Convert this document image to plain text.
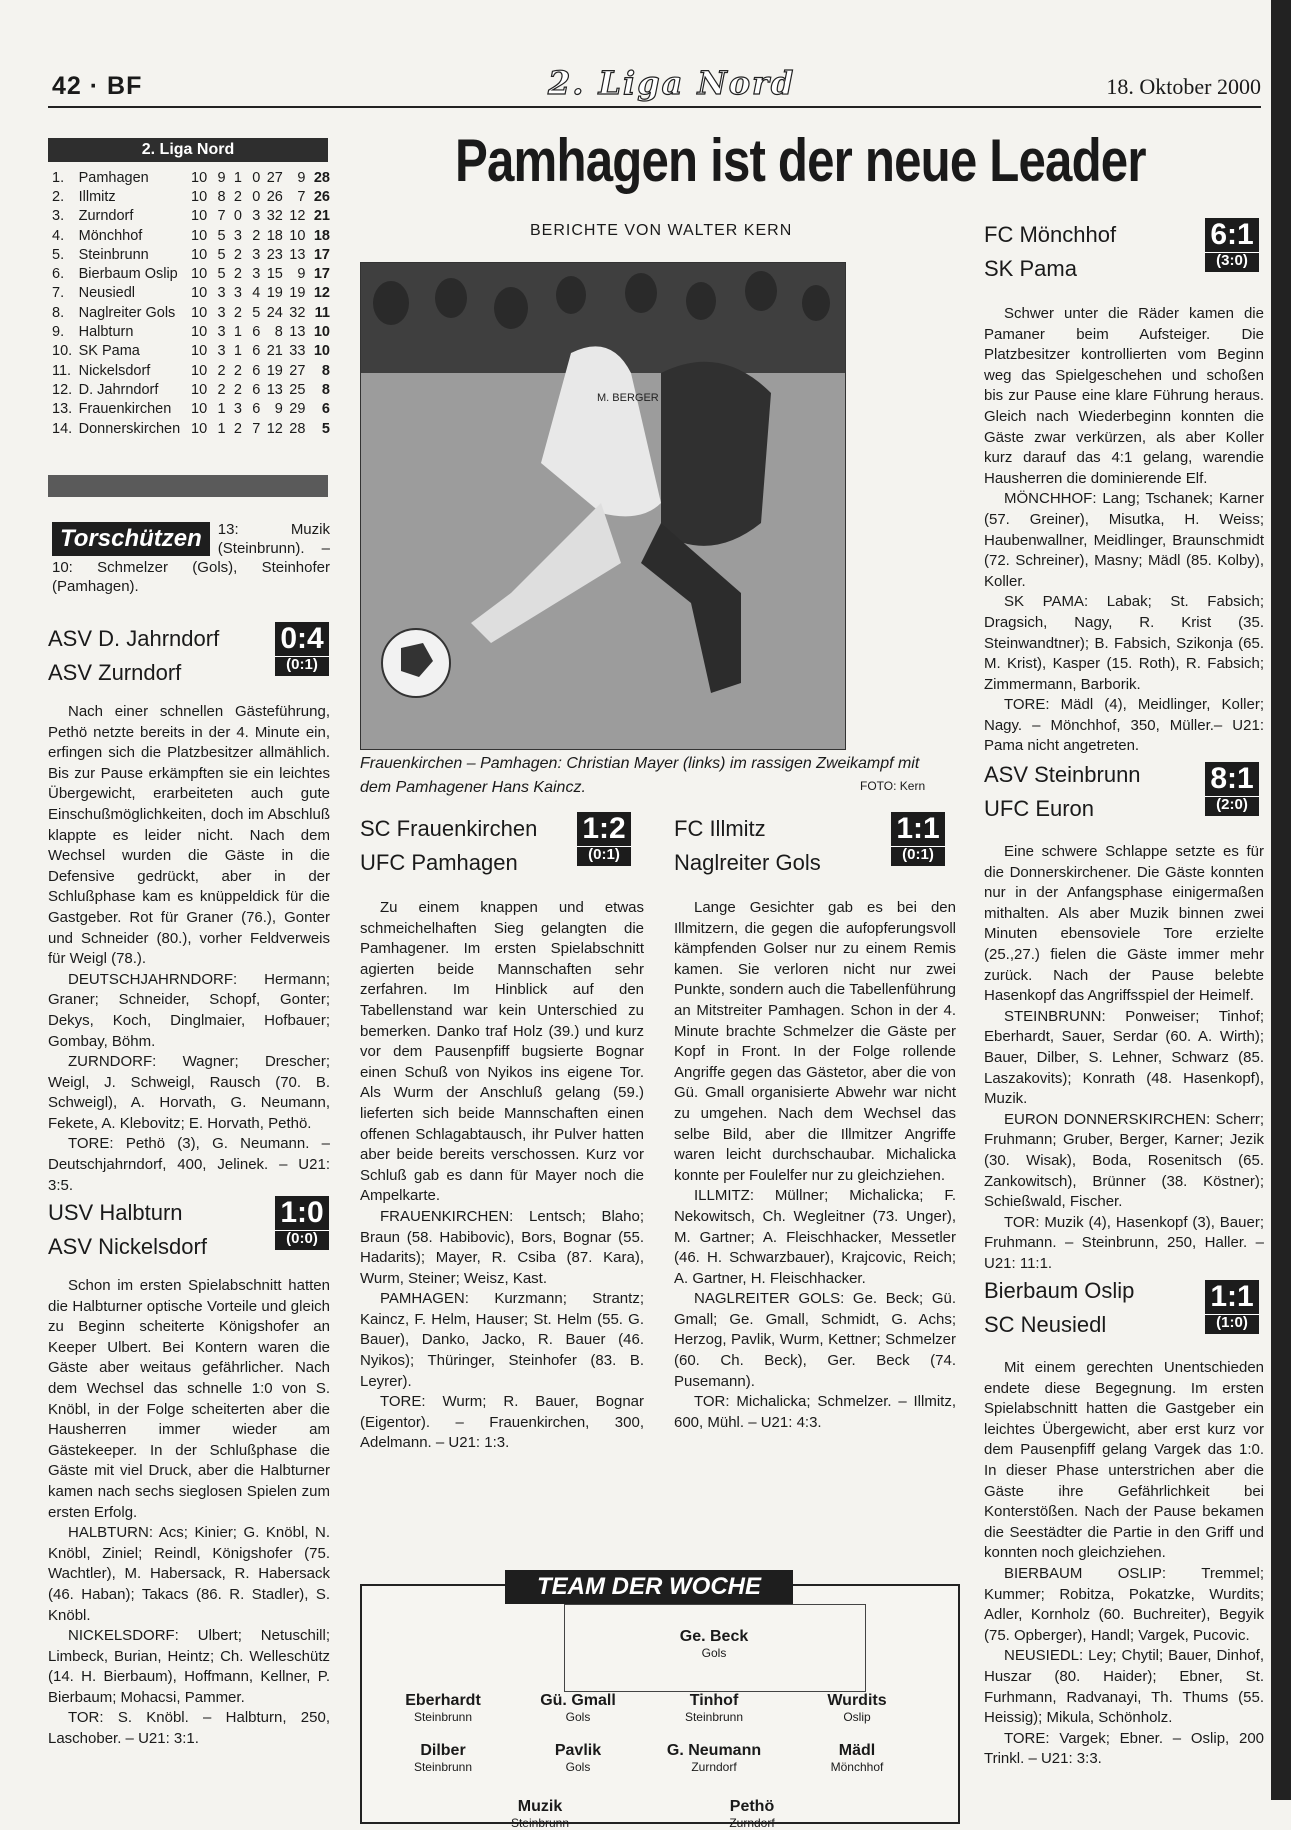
42 · BF	2. Liga Nord	18. Oktober 2000
2. Liga Nord
1.	Pamhagen	10	9	1	0	27	9	28
2.	Illmitz	10	8	2	0	26	7	26
3.	Zurndorf	10	7	0	3	32	12	21
4.	Mönchhof	10	5	3	2	18	10	18
5.	Steinbrunn	10	5	2	3	23	13	17
6.	Bierbaum Oslip	10	5	2	3	15	9	17
7.	Neusiedl	10	3	3	4	19	19	12
8.	Naglreiter Gols	10	3	2	5	24	32	11
9.	Halbturn	10	3	1	6	8	13	10
10.	SK Pama	10	3	1	6	21	33	10
11.	Nickelsdorf	10	2	2	6	19	27	8
12.	D. Jahrndorf	10	2	2	6	13	25	8
13.	Frauenkirchen	10	1	3	6	9	29	6
14.	Donnerskirchen	10	1	2	7	12	28	5
Torschützen	13: Muzik (Steinbrunn). – 10: Schmelzer (Gols), Steinhofer (Pamhagen).
ASV D. Jahrndorf
ASV Zurndorf
0:4
(0:1)

Nach einer schnellen Gästeführung, Pethö netzte bereits in der 4. Minute ein, erfingen sich die Platzbesitzer allmählich. Bis zur Pause erkämpften sie ein leichtes Übergewicht, erarbeiteten auch gute Einschußmöglichkeiten, doch im Abschluß klappte es leider nicht. Nach dem Wechsel wurden die Gäste in die Defensive gedrückt, aber in der Schlußphase kam es knüppeldick für die Gastgeber. Rot für Graner (76.), Gonter und Schneider (80.), vorher Feldverweis für Weigl (78.).

DEUTSCHJAHRNDORF: Hermann; Graner; Schneider, Schopf, Gonter; Dekys, Koch, Dinglmaier, Hofbauer; Gombay, Böhm.

ZURNDORF: Wagner; Drescher; Weigl, J. Schweigl, Rausch (70. B. Schweigl), A. Horvath, G. Neumann, Fekete, A. Klebovitz; E. Horvath, Pethö.

TORE: Pethö (3), G. Neumann. – Deutschjahrndorf, 400, Jelinek. – U21: 3:5.

USV Halbturn
ASV Nickelsdorf
1:0
(0:0)

Schon im ersten Spielabschnitt hatten die Halbturner optische Vorteile und gleich zu Beginn scheiterte Königshofer an Keeper Ulbert. Bei Kontern waren die Gäste aber weitaus gefährlicher. Nach dem Wechsel das schnelle 1:0 von S. Knöbl, in der Folge scheiterten aber die Hausherren immer wieder am Gästekeeper. In der Schlußphase die Gäste mit viel Druck, aber die Halbturner kamen nach sechs sieglosen Spielen zum ersten Erfolg.

HALBTURN: Acs; Kinier; G. Knöbl, N. Knöbl, Ziniel; Reindl, Königshofer (75. Wachtler), M. Habersack, R. Habersack (46. Haban); Takacs (86. R. Stadler), S. Knöbl.

NICKELSDORF: Ulbert; Netuschill; Limbeck, Burian, Heintz; Ch. Welleschütz (14. H. Bierbaum), Hoffmann, Kellner, P. Bierbaum; Mohacsi, Pammer.

TOR: S. Knöbl. – Halbturn, 250, Laschober. – U21: 3:1.

Pamhagen ist der neue Leader
BERICHTE VON WALTER KERN
M. BERGER
Frauenkirchen – Pamhagen: Christian Mayer (links) im rassigen Zweikampf mit dem Pamhagener Hans Kaincz.	FOTO: Kern
SC Frauenkirchen
UFC Pamhagen
1:2
(0:1)

Zu einem knappen und etwas schmeichelhaften Sieg gelangten die Pamhagener. Im ersten Spielabschnitt agierten beide Mannschaften sehr zerfahren. Im Hinblick auf den Tabellenstand war kein Unterschied zu bemerken. Danko traf Holz (39.) und kurz vor dem Pausenpfiff bugsierte Bognar einen Schuß von Nyikos ins eigene Tor. Als Wurm der Anschluß gelang (59.) lieferten sich beide Mannschaften einen offenen Schlagabtausch, ihr Pulver hatten aber beide bereits verschossen. Kurz vor Schluß gab es dann für Mayer noch die Ampelkarte.

FRAUENKIRCHEN: Lentsch; Blaho; Braun (58. Habibovic), Bors, Bognar (55. Hadarits); Mayer, R. Csiba (87. Kara), Wurm, Steiner; Weisz, Kast.

PAMHAGEN: Kurzmann; Strantz; Kaincz, F. Helm, Hauser; St. Helm (55. G. Bauer), Danko, Jacko, R. Bauer (46. Nyikos); Thüringer, Steinhofer (83. B. Leyrer).

TORE: Wurm; R. Bauer, Bognar (Eigentor). – Frauenkirchen, 300, Adelmann. – U21: 1:3.

FC Illmitz
Naglreiter Gols
1:1
(0:1)

Lange Gesichter gab es bei den Illmitzern, die gegen die aufopferungsvoll kämpfenden Golser nur zu einem Remis kamen. Sie verloren nicht nur zwei Punkte, sondern auch die Tabellenführung an Mitstreiter Pamhagen. Schon in der 4. Minute brachte Schmelzer die Gäste per Kopf in Front. In der Folge rollende Angriffe gegen das Gästetor, aber die von Gü. Gmall organisierte Abwehr war nicht zu umgehen. Nach dem Wechsel das selbe Bild, aber die Illmitzer Angriffe waren leicht durchschaubar. Michalicka konnte per Foulelfer nur zu gleichziehen.

ILLMITZ: Müllner; Michalicka; F. Nekowitsch, Ch. Wegleitner (73. Unger), M. Gartner; A. Fleischhacker, Messetler (46. H. Schwarzbauer), Krajcovic, Reich; A. Gartner, H. Fleischhacker.

NAGLREITER GOLS: Ge. Beck; Gü. Gmall; Ge. Gmall, Schmidt, G. Achs; Herzog, Pavlik, Wurm, Kettner; Schmelzer (60. Ch. Beck), Ger. Beck (74. Pusemann).

TOR: Michalicka; Schmelzer. – Illmitz, 600, Mühl. – U21: 4:3.

TEAM DER WOCHE
Ge. Beck
Gols
Eberhardt
Steinbrunn
Gü. Gmall
Gols
Tinhof
Steinbrunn
Wurdits
Oslip
Dilber
Steinbrunn
Pavlik
Gols
G. Neumann
Zurndorf
Mädl
Mönchhof
Muzik
Steinbrunn
Pethö
Zurndorf
FC Mönchhof
SK Pama
6:1
(3:0)

Schwer unter die Räder kamen die Pamaner beim Aufsteiger. Die Platzbesitzer kontrollierten vom Beginn weg das Spielgeschehen und schoßen bis zur Pause eine klare Führung heraus. Gleich nach Wiederbeginn konnten die Gäste zwar verkürzen, als aber Koller kurz darauf das 4:1 gelang, warendie Hausherren die dominierende Elf.

MÖNCHHOF: Lang; Tschanek; Karner (57. Greiner), Misutka, H. Weiss; Haubenwallner, Meidlinger, Braunschmidt (72. Schreiner), Masny; Mädl (85. Kolby), Koller.

SK PAMA: Labak; St. Fabsich; Dragsich, Nagy, R. Krist (35. Steinwandtner); B. Fabsich, Szikonja (65. M. Krist), Kasper (15. Roth), R. Fabsich; Zimmermann, Barborik.

TORE: Mädl (4), Meidlinger, Koller; Nagy. – Mönchhof, 350, Müller.– U21: Pama nicht angetreten.

ASV Steinbrunn
UFC Euron
8:1
(2:0)

Eine schwere Schlappe setzte es für die Donnerskirchener. Die Gäste konnten nur in der Anfangsphase einigermaßen mithalten. Als aber Muzik binnen zwei Minuten ebensoviele Tore erzielte (25.,27.) fielen die Gäste immer mehr zurück. Nach der Pause belebte Hasenkopf das Angriffsspiel der Heimelf.

STEINBRUNN: Ponweiser; Tinhof; Eberhardt, Sauer, Serdar (60. A. Wirth); Bauer, Dilber, S. Lehner, Schwarz (85. Laszakovits); Konrath (48. Hasenkopf), Muzik.

EURON DONNERSKIRCHEN: Scherr; Fruhmann; Gruber, Berger, Karner; Jezik (30. Wisak), Boda, Rosenitsch (65. Zankowitsch), Brünner (38. Köstner); Schießwald, Fischer.

TOR: Muzik (4), Hasenkopf (3), Bauer; Fruhmann. – Steinbrunn, 250, Haller. – U21: 11:1.

Bierbaum Oslip
SC Neusiedl
1:1
(1:0)

Mit einem gerechten Unentschieden endete diese Begegnung. Im ersten Spielabschnitt hatten die Gastgeber ein leichtes Übergewicht, aber erst kurz vor dem Pausenpfiff gelang Vargek das 1:0. In dieser Phase unterstrichen aber die Gäste ihre Gefährlichkeit bei Konterstößen. Nach der Pause bekamen die Seestädter die Partie in den Griff und konnten noch gleichziehen.

BIERBAUM OSLIP: Tremmel; Kummer; Robitza, Pokatzke, Wurdits; Adler, Kornholz (60. Buchreiter), Begyik (75. Opberger), Handl; Vargek, Pucovic.

NEUSIEDL: Ley; Chytil; Bauer, Dinhof, Huszar (80. Haider); Ebner, St. Furhmann, Radvanayi, Th. Thums (55. Heissig); Mikula, Schönholz.

TORE: Vargek; Ebner. – Oslip, 200 Trinkl. – U21: 3:3.
